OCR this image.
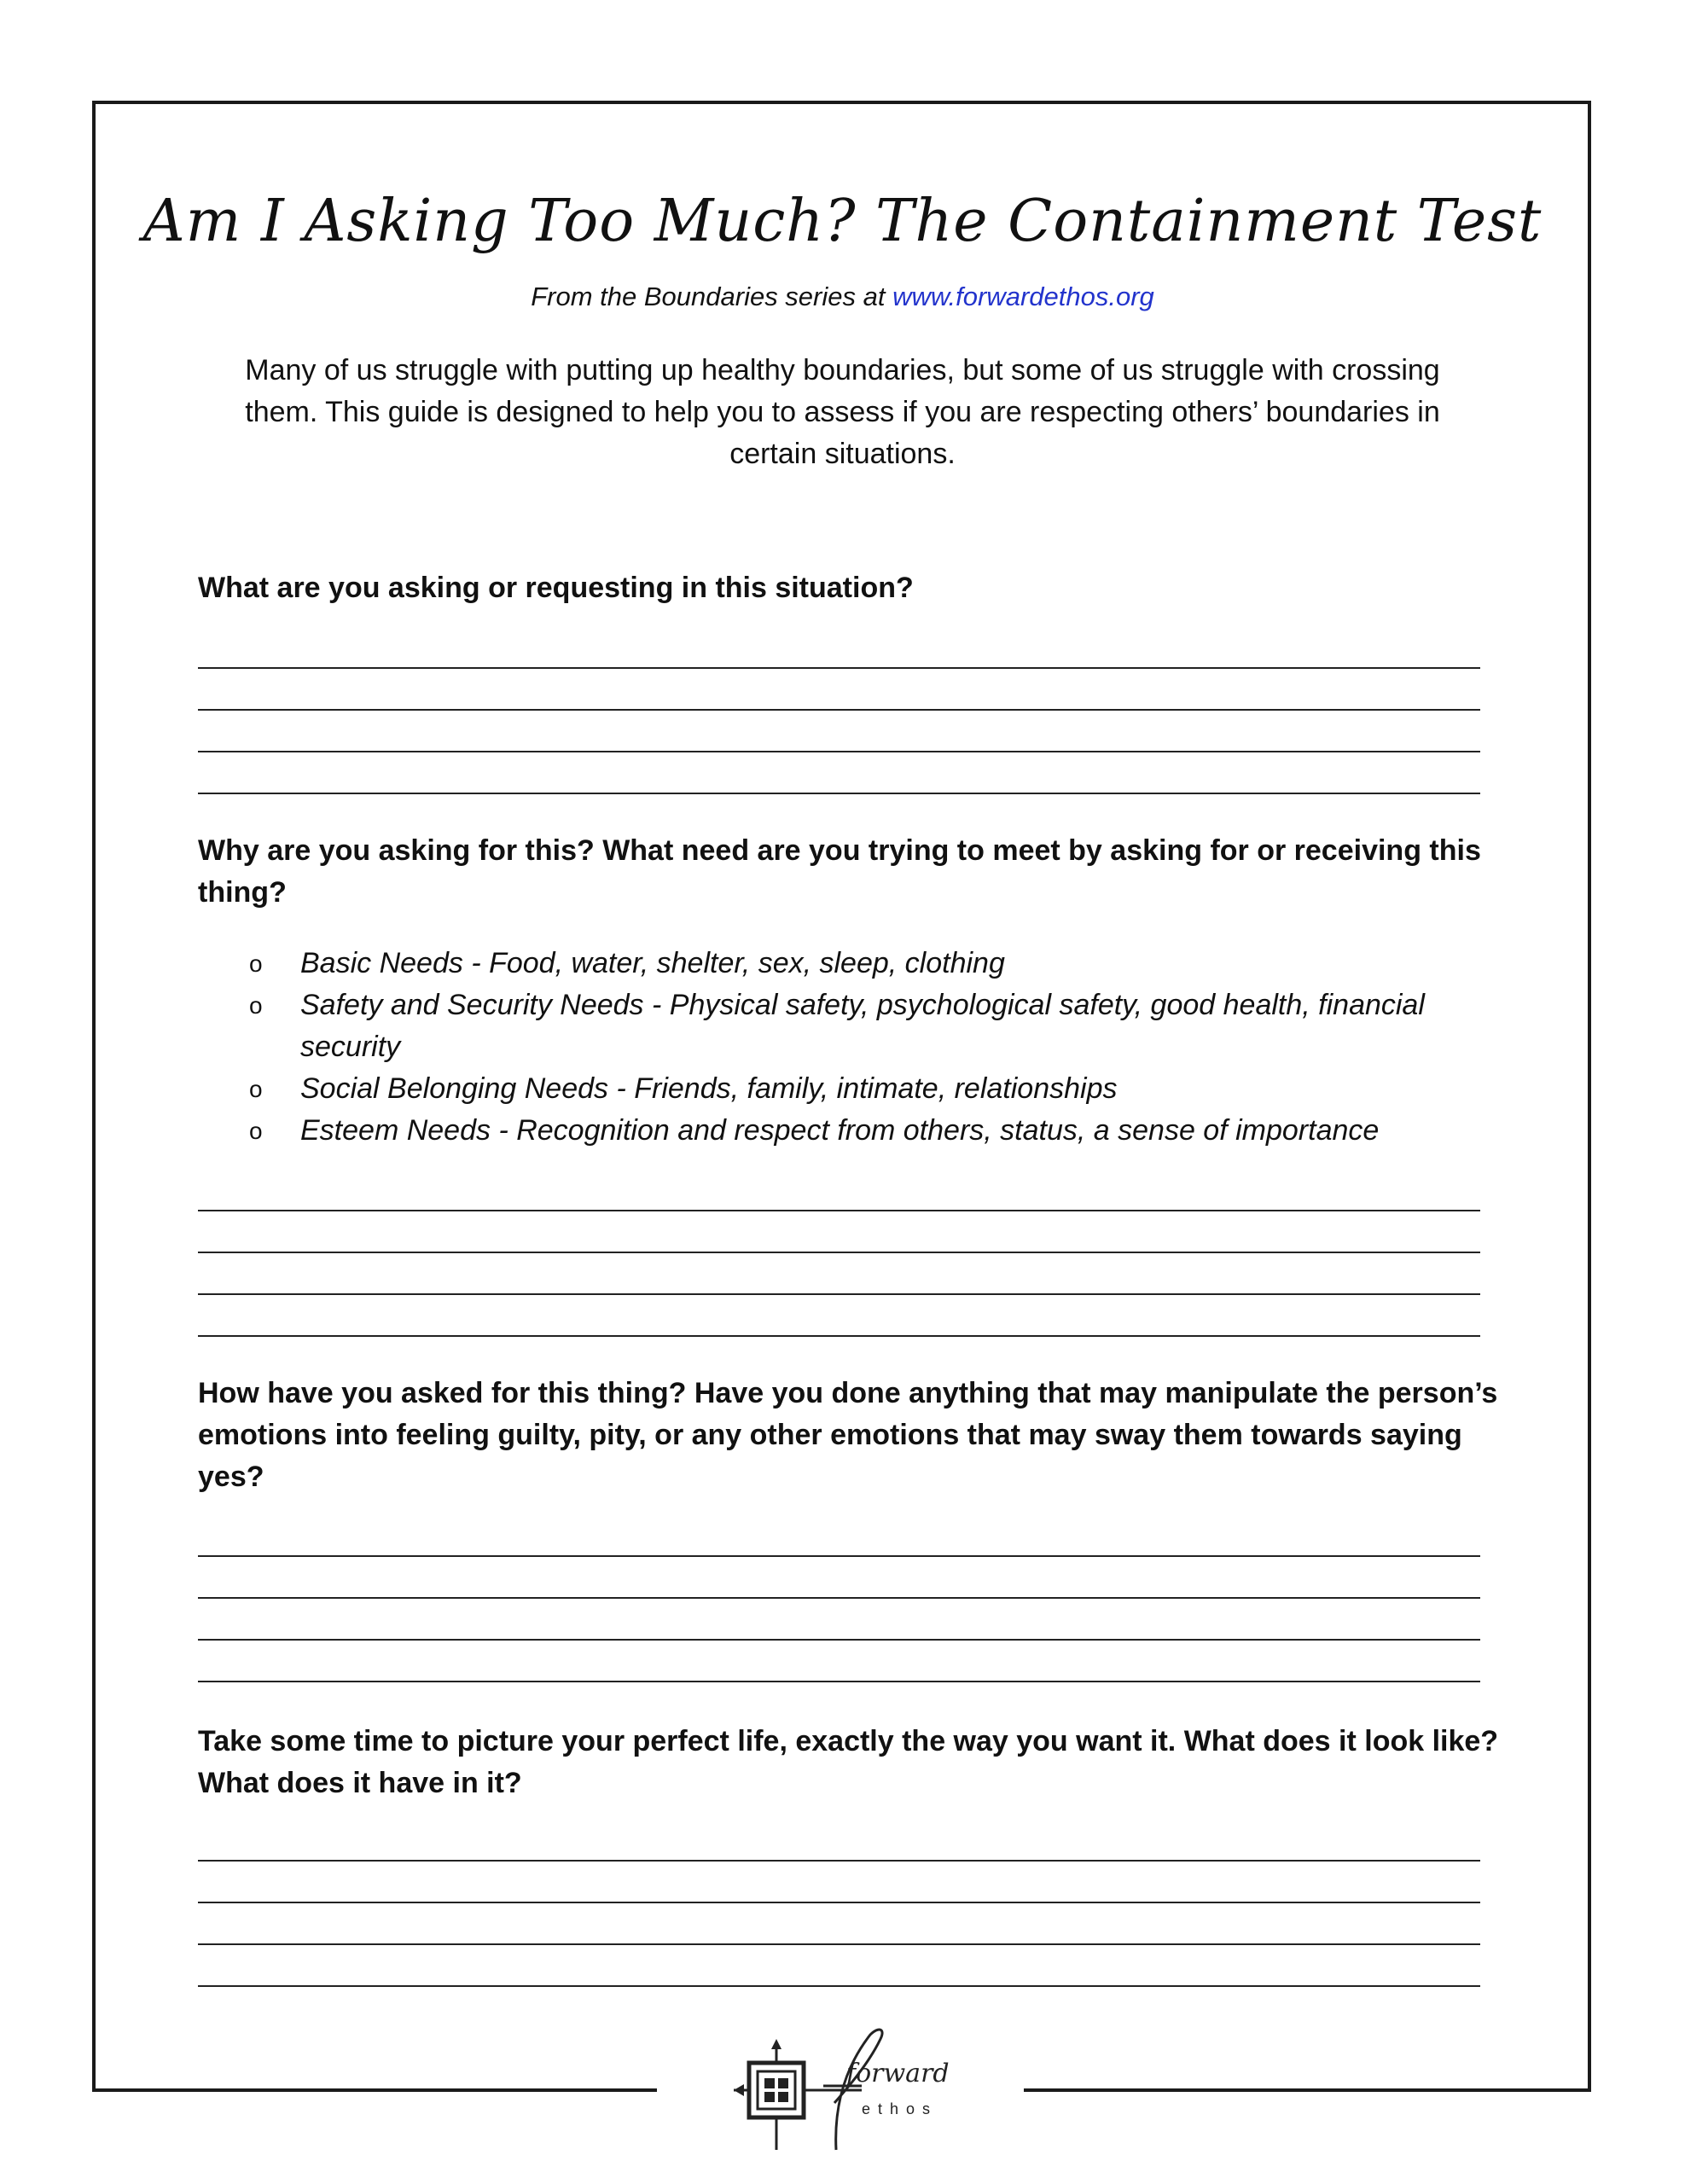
Am I Asking Too Much? The Containment Test
From the Boundaries series at www.forwardethos.org
Many of us struggle with putting up healthy boundaries, but some of us struggle with crossing them. This guide is designed to help you to assess if you are respecting others’ boundaries in certain situations.
What are you asking or requesting in this situation?
Why are you asking for this? What need are you trying to meet by asking for or receiving this thing?
o Basic Needs - Food, water, shelter, sex, sleep, clothing
o Safety and Security Needs - Physical safety, psychological safety, good health, financial security
o Social Belonging Needs - Friends, family, intimate, relationships
o Esteem Needs - Recognition and respect from others, status, a sense of importance
How have you asked for this thing? Have you done anything that may manipulate the person’s emotions into feeling guilty, pity, or any other emotions that may sway them towards saying yes?
Take some time to picture your perfect life, exactly the way you want it. What does it look like? What does it have in it?
forward
ethos
